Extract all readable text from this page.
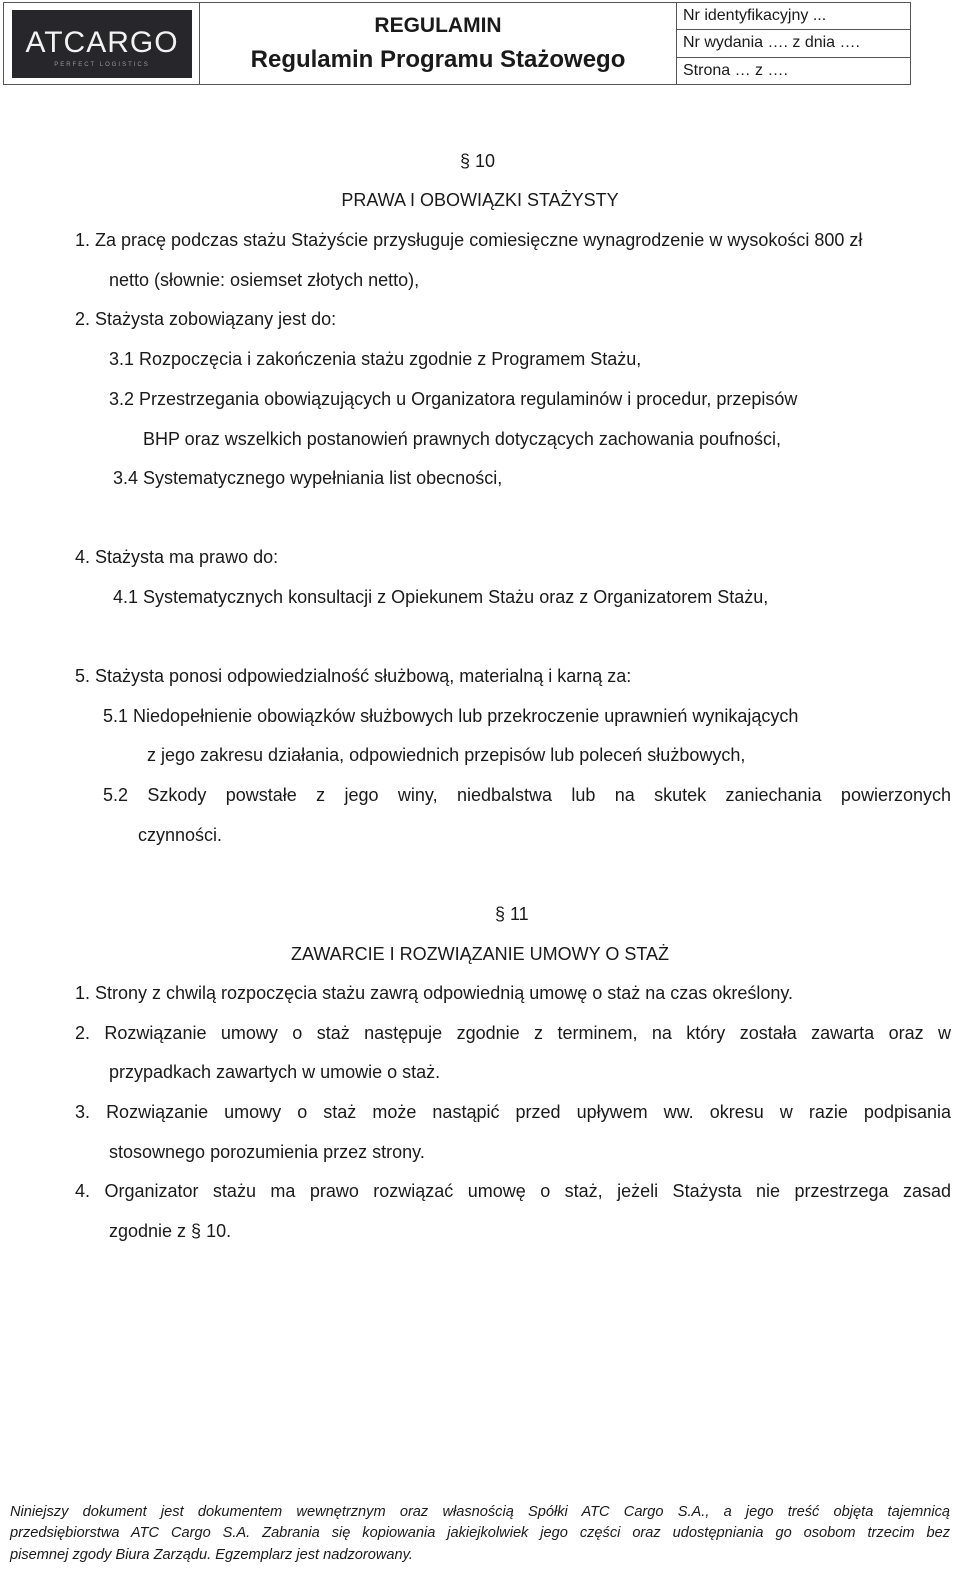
ATCARGO
PERFECT LOGISTICS
REGULAMIN
Regulamin Programu Stażowego
Nr identyfikacyjny ...
Nr wydania …. z dnia ….
Strona … z ….
§ 10
PRAWA I OBOWIĄZKI STAŻYSTY
1. Za pracę podczas stażu Stażyście przysługuje comiesięczne wynagrodzenie w wysokości 800 zł
netto (słownie: osiemset złotych netto),
2. Stażysta zobowiązany jest do:
3.1 Rozpoczęcia i zakończenia stażu zgodnie z Programem Stażu,
3.2 Przestrzegania obowiązujących u Organizatora regulaminów i procedur, przepisów
BHP oraz wszelkich postanowień prawnych dotyczących zachowania poufności,
3.4 Systematycznego wypełniania list obecności,
4. Stażysta ma prawo do:
4.1 Systematycznych konsultacji z Opiekunem Stażu oraz z Organizatorem Stażu,
5. Stażysta ponosi odpowiedzialność służbową, materialną i karną za:
5.1 Niedopełnienie obowiązków służbowych lub przekroczenie uprawnień wynikających
z jego zakresu działania, odpowiednich przepisów lub poleceń służbowych,
5.2 Szkody powstałe z jego winy, niedbalstwa lub na skutek zaniechania powierzonych
czynności.
§ 11
ZAWARCIE I ROZWIĄZANIE UMOWY O STAŻ
1. Strony z chwilą rozpoczęcia stażu zawrą odpowiednią umowę o staż na czas określony.
2. Rozwiązanie umowy o staż następuje zgodnie z terminem, na który została zawarta oraz w
przypadkach zawartych w umowie o staż.
3. Rozwiązanie umowy o staż może nastąpić przed upływem ww. okresu w razie podpisania
stosownego porozumienia przez strony.
4. Organizator stażu ma prawo rozwiązać umowę o staż, jeżeli Stażysta nie przestrzega zasad
zgodnie z § 10.
Niniejszy dokument jest dokumentem wewnętrznym oraz własnością Spółki ATC Cargo S.A., a jego treść objęta tajemnicą
przedsiębiorstwa ATC Cargo S.A. Zabrania się kopiowania jakiejkolwiek jego części oraz udostępniania go osobom trzecim bez
pisemnej zgody Biura Zarządu. Egzemplarz jest nadzorowany.
